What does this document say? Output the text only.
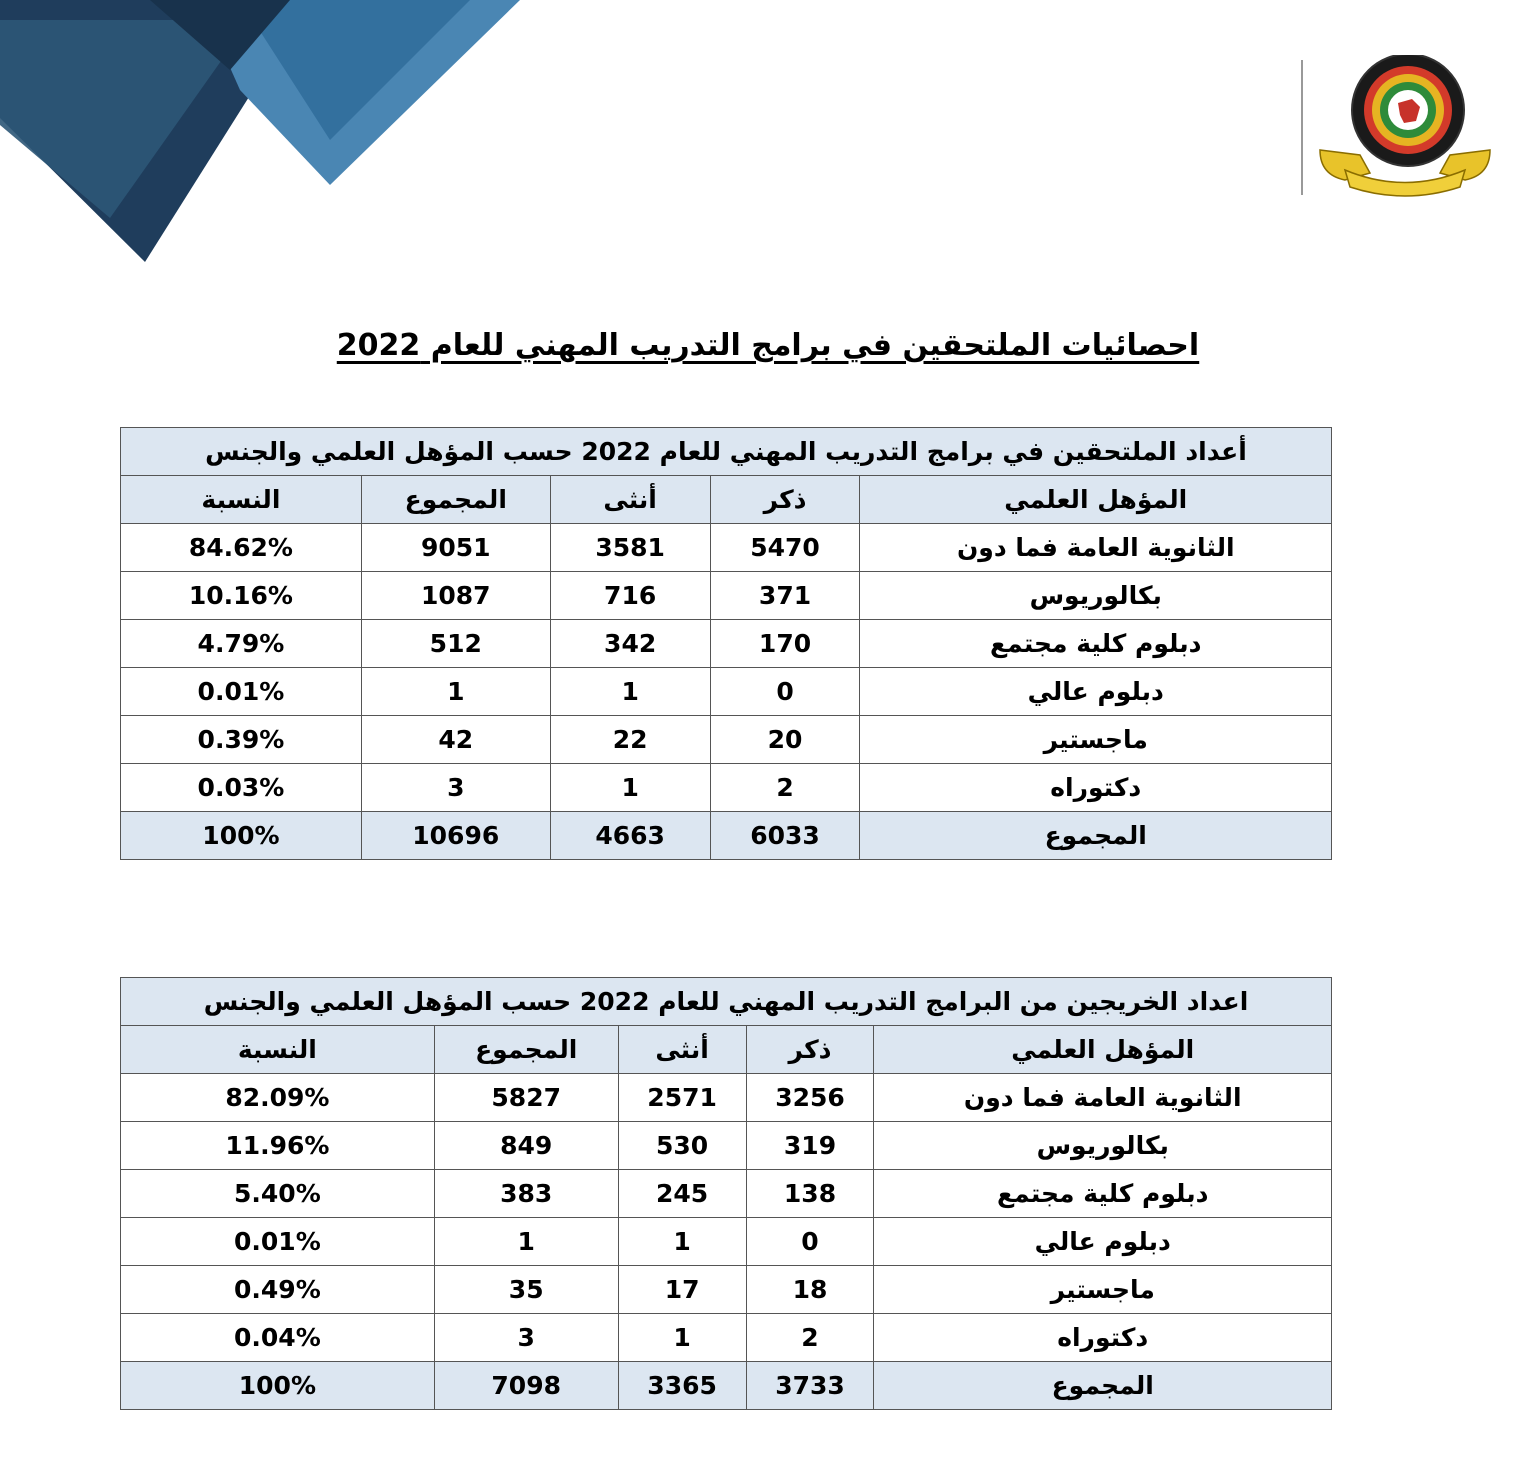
احصائيات الملتحقين في برامج التدريب المهني للعام 2022
أعداد الملتحقين في برامج التدريب المهني للعام 2022 حسب المؤهل العلمي والجنس				
المؤهل العلمي	ذكر	أنثى	المجموع	النسبة
الثانوية العامة فما دون	5470	3581	9051	84.62%
بكالوريوس	371	716	1087	10.16%
دبلوم كلية مجتمع	170	342	512	4.79%
دبلوم عالي	0	1	1	0.01%
ماجستير	20	22	42	0.39%
دكتوراه	2	1	3	0.03%
المجموع	6033	4663	10696	100%
اعداد الخريجين من البرامج التدريب المهني للعام 2022 حسب المؤهل العلمي والجنس				
المؤهل العلمي	ذكر	أنثى	المجموع	النسبة
الثانوية العامة فما دون	3256	2571	5827	82.09%
بكالوريوس	319	530	849	11.96%
دبلوم كلية مجتمع	138	245	383	5.40%
دبلوم عالي	0	1	1	0.01%
ماجستير	18	17	35	0.49%
دكتوراه	2	1	3	0.04%
المجموع	3733	3365	7098	100%
